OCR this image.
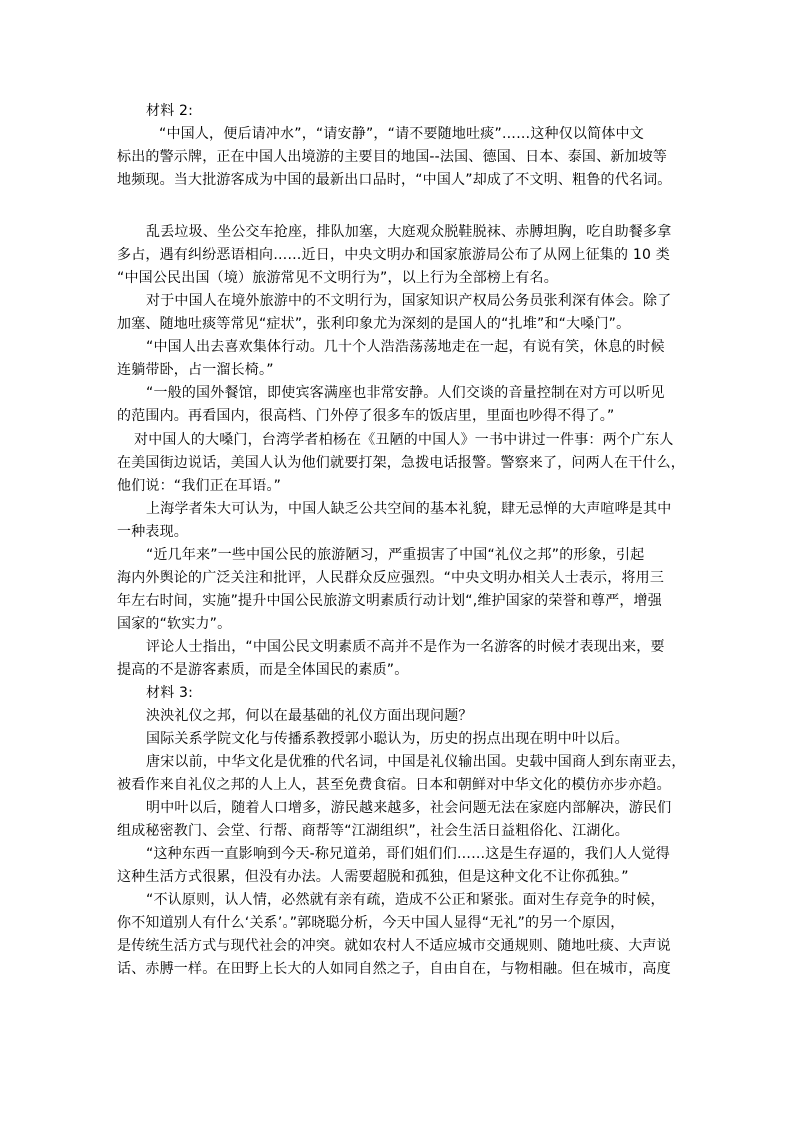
材料 2:
“中国人，便后请冲水”，“请安静”，“请不要随地吐痰”……这种仅以简体中文
标出的警示牌，正在中国人出境游的主要目的地国--法国、德国、日本、泰国、新加坡等
地频现。当大批游客成为中国的最新出口品时，“中国人”却成了不文明、粗鲁的代名词。
乱丢垃圾、坐公交车抢座，排队加塞，大庭观众脱鞋脱袜、赤膊坦胸，吃自助餐多拿
多占，遇有纠纷恶语相向……近日，中央文明办和国家旅游局公布了从网上征集的 10 类
“中国公民出国（境）旅游常见不文明行为”，以上行为全部榜上有名。
对于中国人在境外旅游中的不文明行为，国家知识产权局公务员张利深有体会。除了
加塞、随地吐痰等常见“症状”，张利印象尤为深刻的是国人的“扎堆”和“大嗓门”。
“中国人出去喜欢集体行动。几十个人浩浩荡荡地走在一起，有说有笑，休息的时候
连躺带卧，占一溜长椅。”
“一般的国外餐馆，即使宾客满座也非常安静。人们交谈的音量控制在对方可以听见
的范围内。再看国内，很高档、门外停了很多车的饭店里，里面也吵得不得了。”
对中国人的大嗓门，台湾学者柏杨在《丑陋的中国人》一书中讲过一件事：两个广东人
在美国街边说话，美国人认为他们就要打架，急拨电话报警。警察来了，问两人在干什么，
他们说：“我们正在耳语。”
上海学者朱大可认为，中国人缺乏公共空间的基本礼貌，肆无忌惮的大声喧哗是其中
一种表现。
“近几年来”一些中国公民的旅游陋习，严重损害了中国“礼仪之邦”的形象，引起
海内外舆论的广泛关注和批评，人民群众反应强烈。“中央文明办相关人士表示，将用三
年左右时间，实施”提升中国公民旅游文明素质行动计划“,维护国家的荣誉和尊严，增强
国家的“软实力”。
评论人士指出，“中国公民文明素质不高并不是作为一名游客的时候才表现出来，要
提高的不是游客素质，而是全体国民的素质”。
材料 3:
泱泱礼仪之邦，何以在最基础的礼仪方面出现问题？
国际关系学院文化与传播系教授郭小聪认为，历史的拐点出现在明中叶以后。
唐宋以前，中华文化是优雅的代名词，中国是礼仪输出国。史载中国商人到东南亚去，
被看作来自礼仪之邦的人上人，甚至免费食宿。日本和朝鲜对中华文化的模仿亦步亦趋。
明中叶以后，随着人口增多，游民越来越多，社会问题无法在家庭内部解决，游民们
组成秘密教门、会堂、行帮、商帮等“江湖组织”，社会生活日益粗俗化、江湖化。
“这种东西一直影响到今天-称兄道弟，哥们姐们们……这是生存逼的，我们人人觉得
这种生活方式很累，但没有办法。人需要超脱和孤独，但是这种文化不让你孤独。”
“不认原则，认人情，必然就有亲有疏，造成不公正和紧张。面对生存竞争的时候，
你不知道别人有什么‘关系’。”郭晓聪分析，今天中国人显得“无礼”的另一个原因，
是传统生活方式与现代社会的冲突。就如农村人不适应城市交通规则、随地吐痰、大声说
话、赤膊一样。在田野上长大的人如同自然之子，自由自在，与物相融。但在城市，高度
